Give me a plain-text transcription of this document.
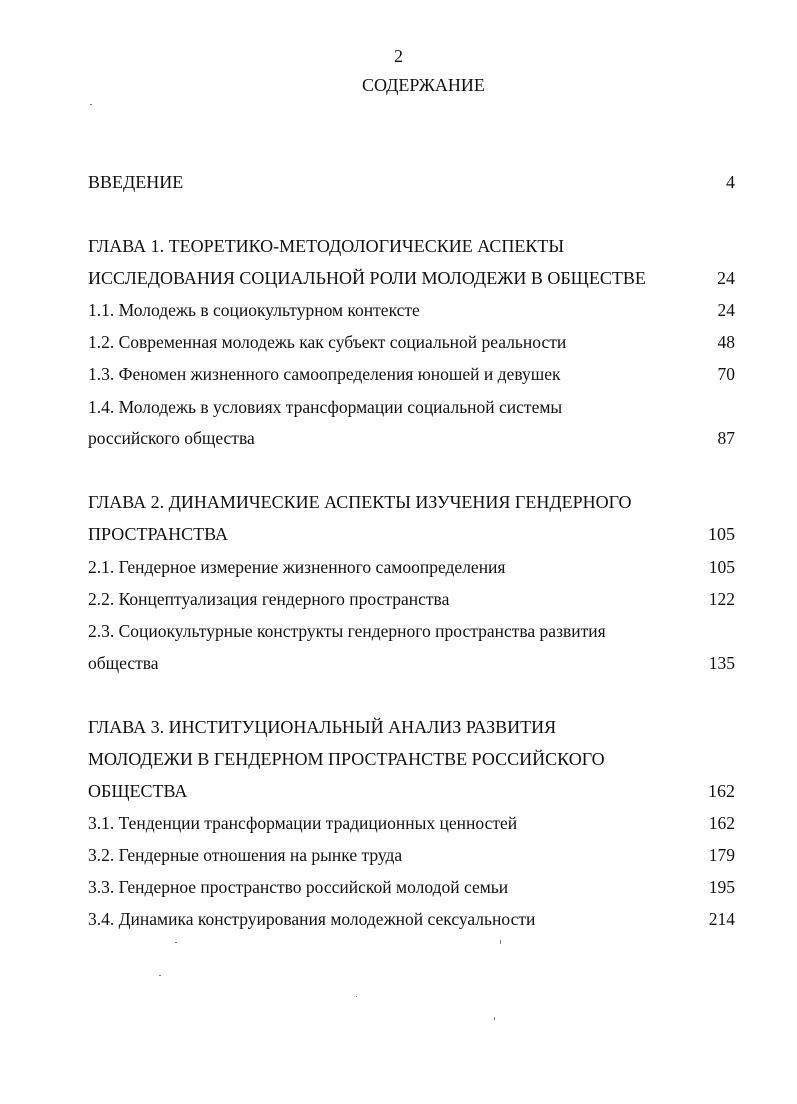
2
СОДЕРЖАНИЕ
ВВЕДЕНИЕ	4
ГЛАВА 1. ТЕОРЕТИКО-МЕТОДОЛОГИЧЕСКИЕ АСПЕКТЫ
ИССЛЕДОВАНИЯ СОЦИАЛЬНОЙ РОЛИ МОЛОДЕЖИ В ОБЩЕСТВЕ	24
1.1. Молодежь в социокультурном контексте	24
1.2. Современная молодежь как субъект социальной реальности	48
1.3. Феномен жизненного самоопределения юношей и девушек	70
1.4. Молодежь в условиях трансформации социальной системы
российского общества	87
ГЛАВА 2. ДИНАМИЧЕСКИЕ АСПЕКТЫ ИЗУЧЕНИЯ ГЕНДЕРНОГО
ПРОСТРАНСТВА	105
2.1. Гендерное измерение жизненного самоопределения	105
2.2. Концептуализация гендерного пространства	122
2.3. Социокультурные конструкты гендерного пространства развития
общества	135
ГЛАВА 3. ИНСТИТУЦИОНАЛЬНЫЙ АНАЛИЗ РАЗВИТИЯ
МОЛОДЕЖИ В ГЕНДЕРНОМ ПРОСТРАНСТВЕ РОССИЙСКОГО
ОБЩЕСТВА	162
3.1. Тенденции трансформации традиционных ценностей	162
3.2. Гендерные отношения на рынке труда	179
3.3. Гендерное пространство российской молодой семьи	195
3.4. Динамика конструирования молодежной сексуальности	214
